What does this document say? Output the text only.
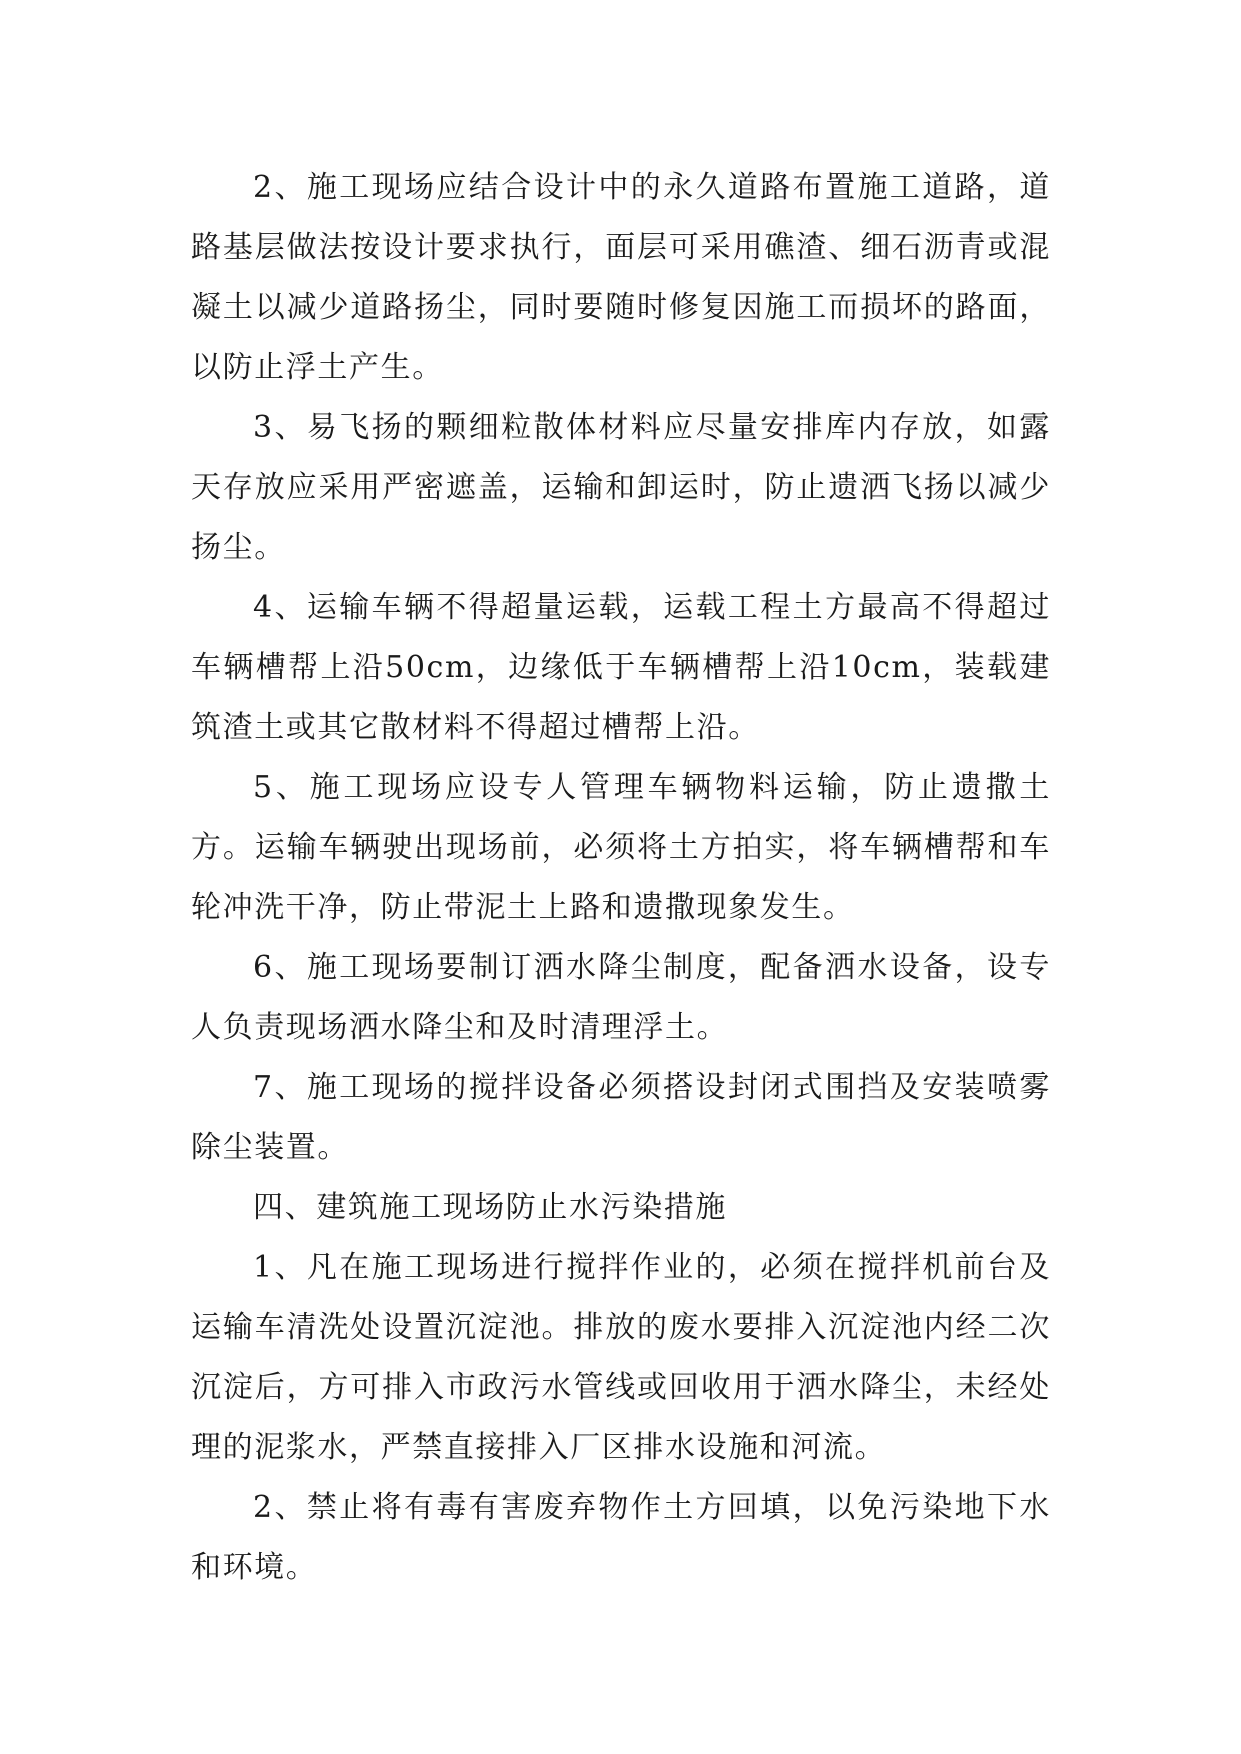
2、施工现场应结合设计中的永久道路布置施工道路，道路基层做法按设计要求执行，面层可采用礁渣、细石沥青或混凝土以减少道路扬尘，同时要随时修复因施工而损坏的路面，以防止浮土产生。

3、易飞扬的颗细粒散体材料应尽量安排库内存放，如露天存放应采用严密遮盖，运输和卸运时，防止遗洒飞扬以减少扬尘。

4、运输车辆不得超量运载，运载工程土方最高不得超过车辆槽帮上沿50cm，边缘低于车辆槽帮上沿10cm，装载建筑渣土或其它散材料不得超过槽帮上沿。

5、施工现场应设专人管理车辆物料运输，防止遗撒土方。运输车辆驶出现场前，必须将土方拍实，将车辆槽帮和车轮冲洗干净，防止带泥土上路和遗撒现象发生。

6、施工现场要制订洒水降尘制度，配备洒水设备，设专人负责现场洒水降尘和及时清理浮土。

7、施工现场的搅拌设备必须搭设封闭式围挡及安装喷雾除尘装置。

四、建筑施工现场防止水污染措施

1、凡在施工现场进行搅拌作业的，必须在搅拌机前台及运输车清洗处设置沉淀池。排放的废水要排入沉淀池内经二次沉淀后，方可排入市政污水管线或回收用于洒水降尘，未经处理的泥浆水，严禁直接排入厂区排水设施和河流。

2、禁止将有毒有害废弃物作土方回填，以免污染地下水和环境。
